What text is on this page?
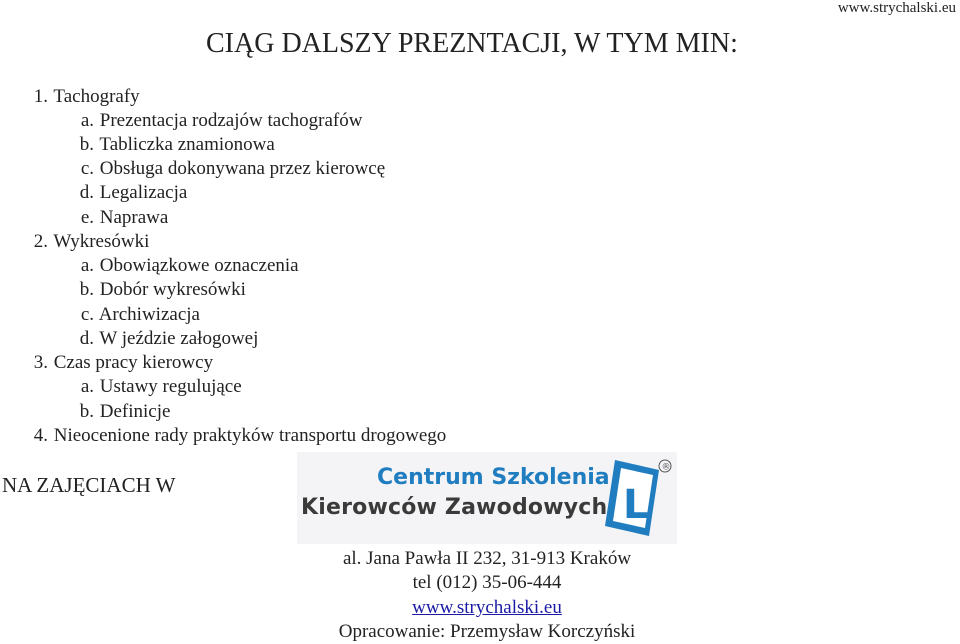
www.strychalski.eu
CIĄG DALSZY PREZNTACJI, W TYM MIN:
1. Tachografy
a. Prezentacja rodzajów tachografów
b. Tabliczka znamionowa
c. Obsługa dokonywana przez kierowcę
d. Legalizacja
e. Naprawa
2. Wykresówki
a. Obowiązkowe oznaczenia
b. Dobór wykresówki
c. Archiwizacja
d. W jeździe załogowej
3. Czas pracy kierowcy
a. Ustawy regulujące
b. Definicje
4. Nieocenione rady praktyków transportu drogowego
NA ZAJĘCIACH W	Centrum Szkolenia
Kierowców Zawodowych L
®
al. Jana Pawła II 232, 31-913 Kraków
tel (012) 35-06-444
www.strychalski.eu
Opracowanie: Przemysław Korczyński
